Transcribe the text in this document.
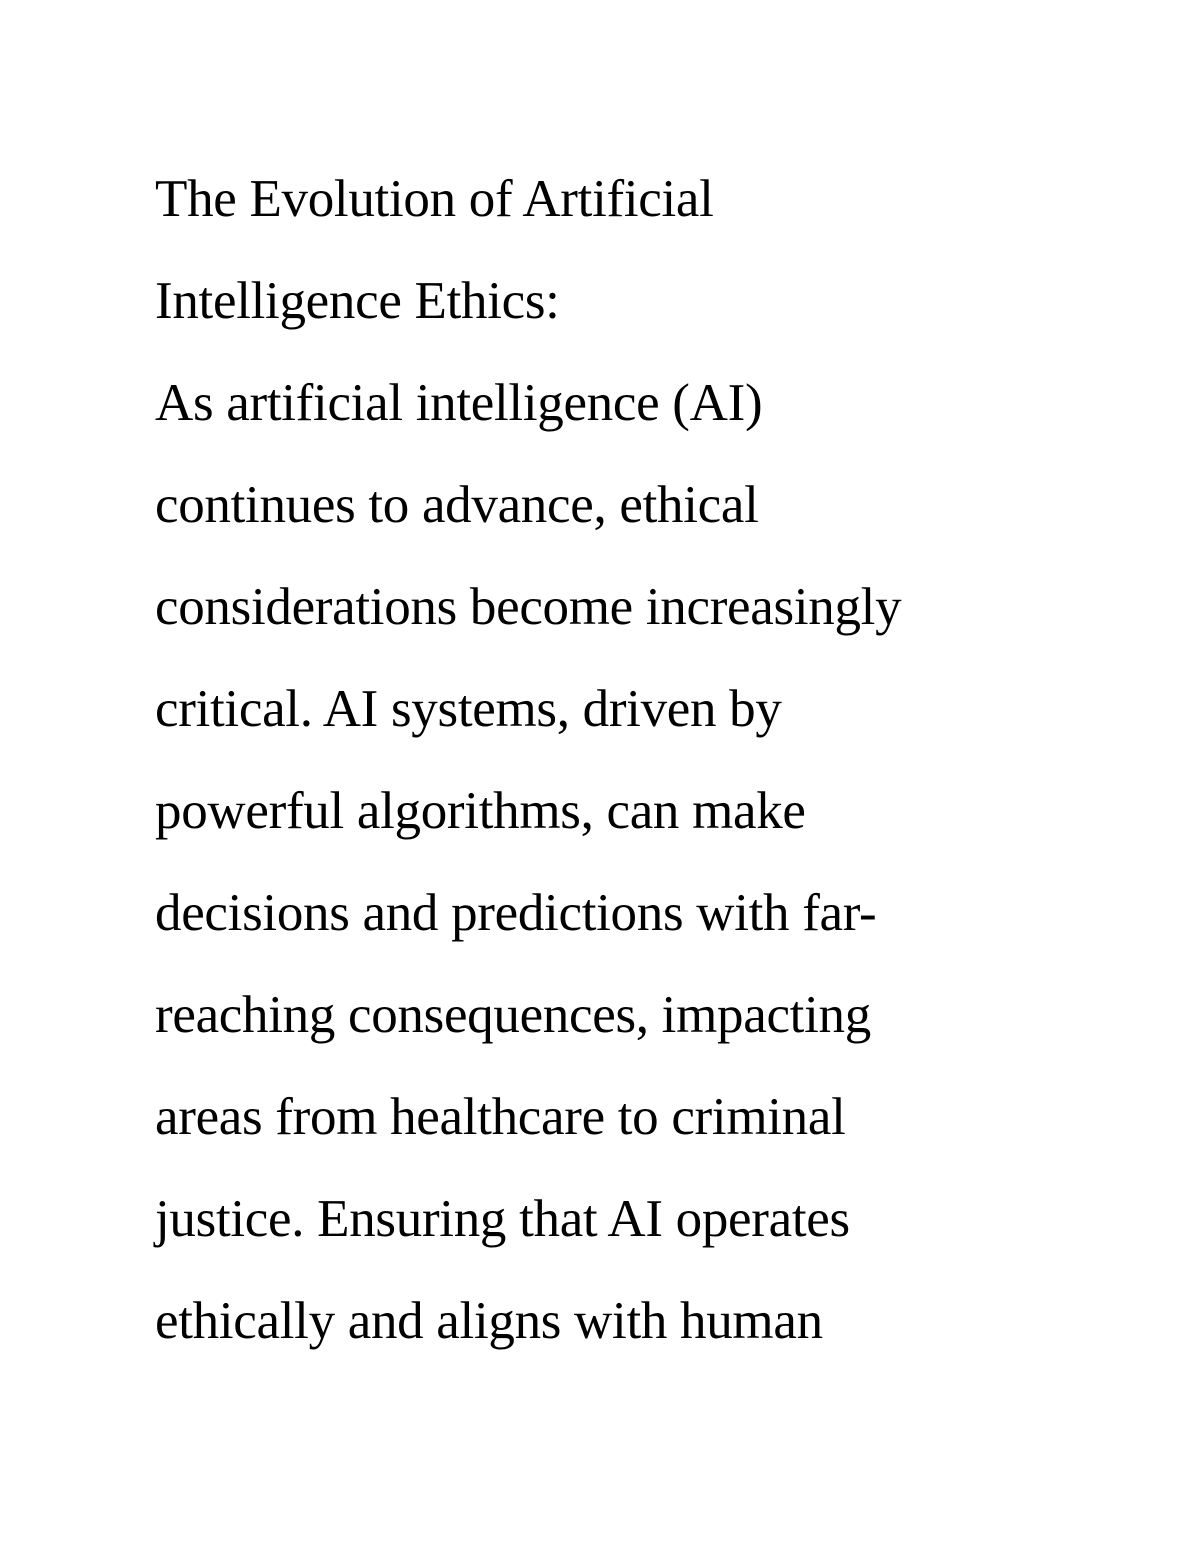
The Evolution of Artificial
Intelligence Ethics:
As artificial intelligence (AI)
continues to advance, ethical
considerations become increasingly
critical. AI systems, driven by
powerful algorithms, can make
decisions and predictions with far-
reaching consequences, impacting
areas from healthcare to criminal
justice. Ensuring that AI operates
ethically and aligns with human
